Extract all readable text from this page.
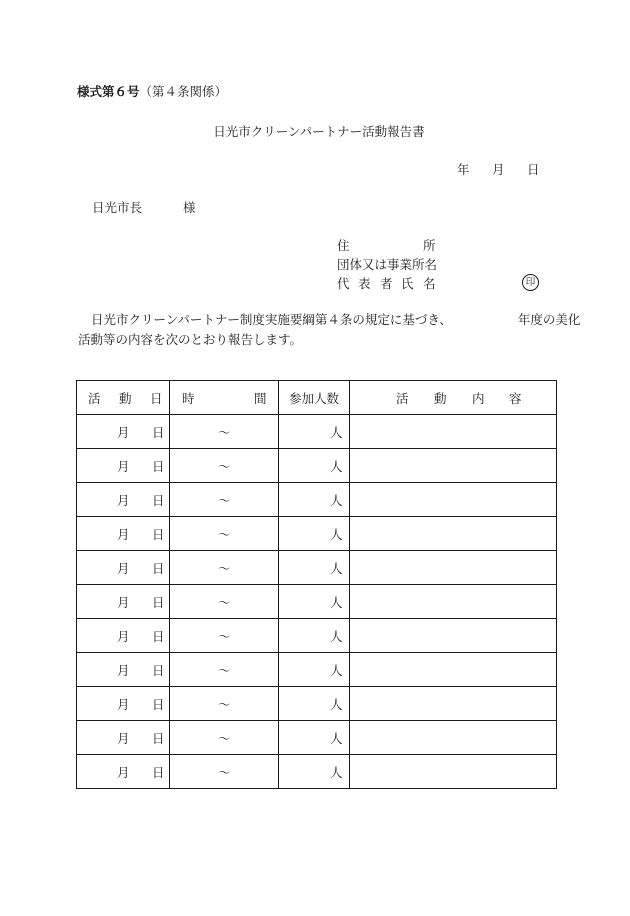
様式第６号（第４条関係）
日光市クリーンパートナー活動報告書
年 月 日
日光市長	様
住	所
団体又は事業所名
代 表 者 氏 名	印
日光市クリーンパートナー制度実施要綱第４条の規定に基づき、	年度の美化
活動等の内容を次のとおり報告します。
活 動 日	時 間	参加人数	活 動 内 容

月 日	〜	人	

月 日	〜	人	

月 日	〜	人	

月 日	〜	人	

月 日	〜	人	

月 日	〜	人	

月 日	〜	人	

月 日	〜	人	

月 日	〜	人	

月 日	〜	人	

月 日	〜	人	
